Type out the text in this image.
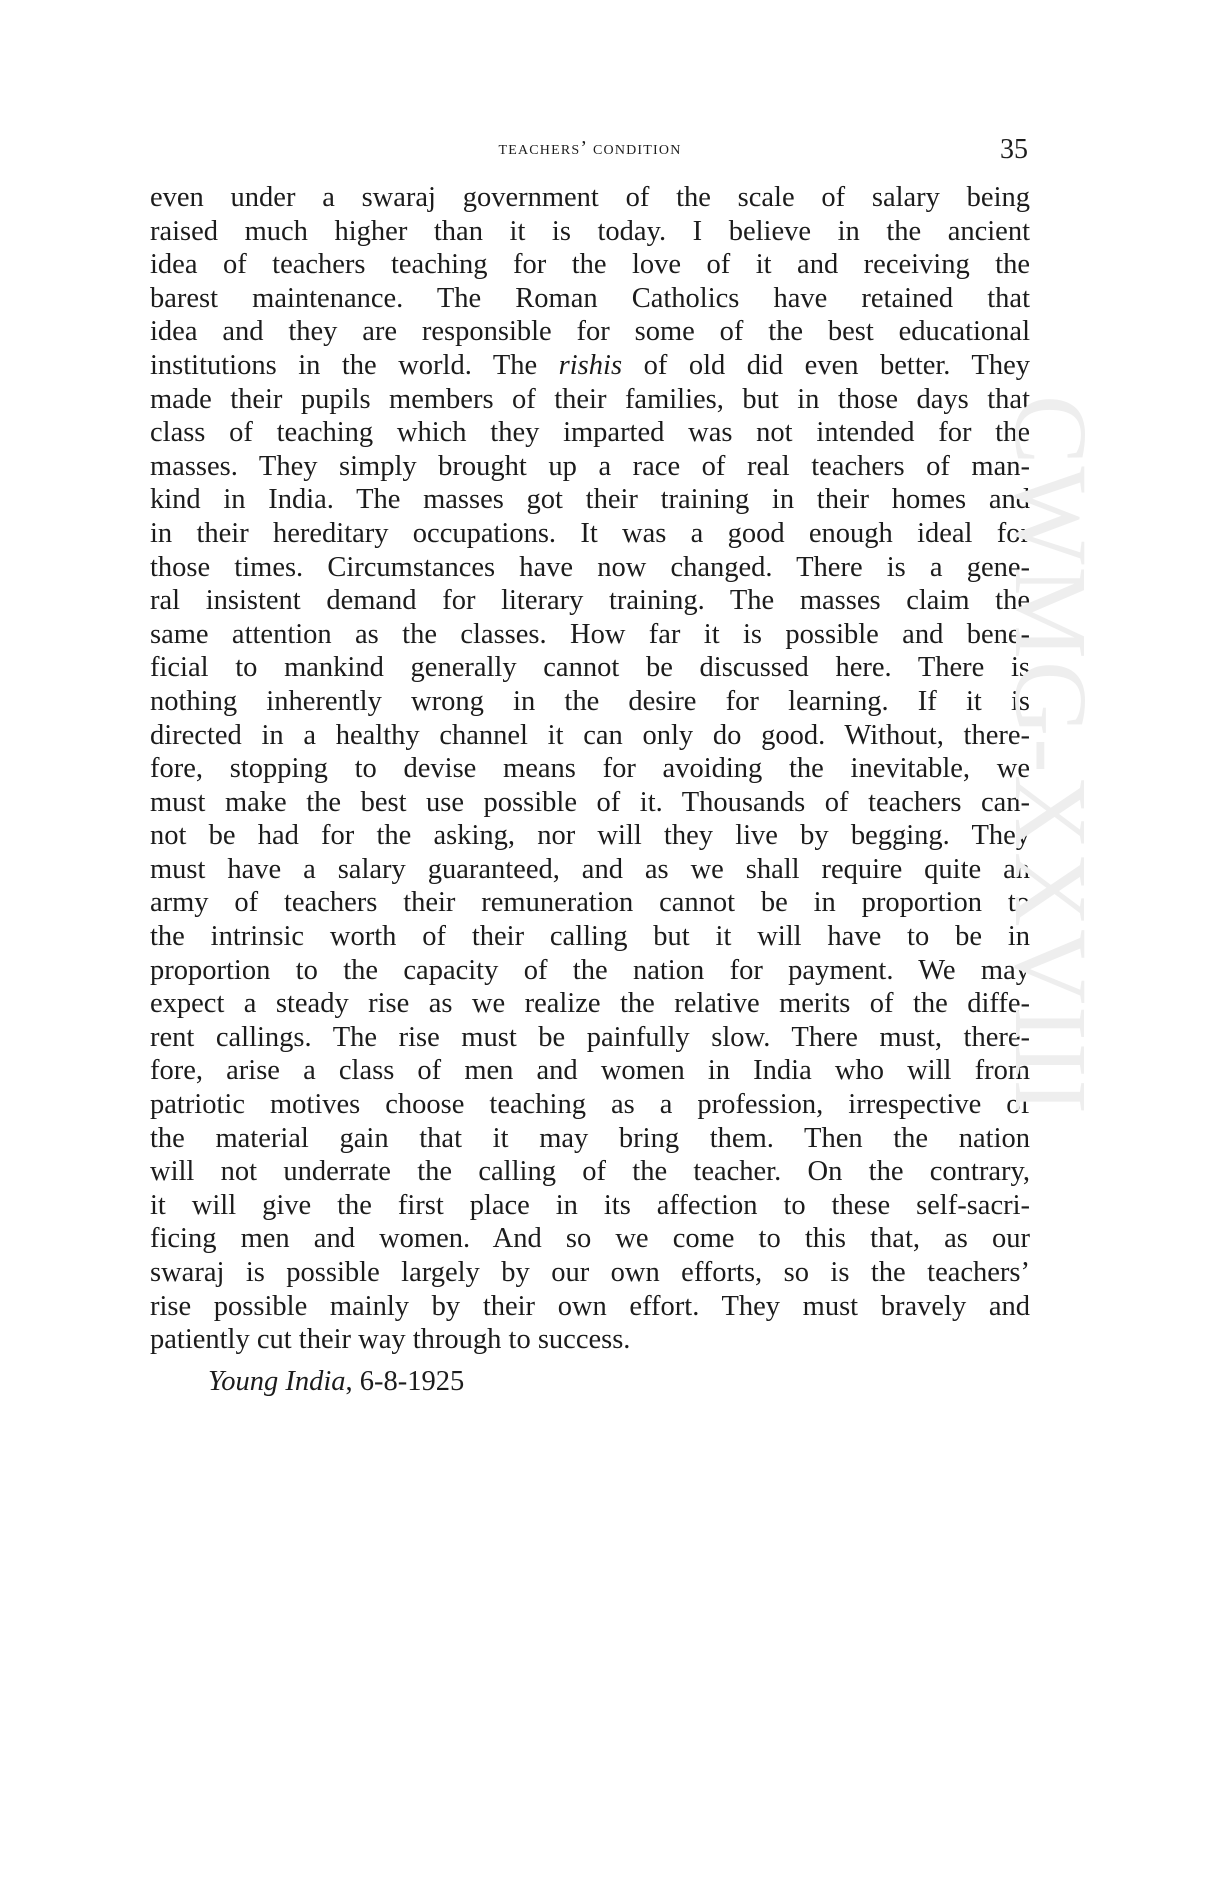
teachers’ condition	35
even under a swaraj government of the scale of salary being
raised much higher than it is today. I believe in the ancient
idea of teachers teaching for the love of it and receiving the
barest maintenance. The Roman Catholics have retained that
idea and they are responsible for some of the best educational
institutions in the world. The rishis of old did even better. They
made their pupils members of their families, but in those days that
class of teaching which they imparted was not intended for the
masses. They simply brought up a race of real teachers of man-
kind in India. The masses got their training in their homes and
in their hereditary occupations. It was a good enough ideal for
those times. Circumstances have now changed. There is a gene-
ral insistent demand for literary training. The masses claim the
same attention as the classes. How far it is possible and bene-
ficial to mankind generally cannot be discussed here. There is
nothing inherently wrong in the desire for learning. If it is
directed in a healthy channel it can only do good. Without, there-
fore, stopping to devise means for avoiding the inevitable, we
must make the best use possible of it. Thousands of teachers can-
not be had for the asking, nor will they live by begging. They
must have a salary guaranteed, and as we shall require quite an
army of teachers their remuneration cannot be in proportion to
the intrinsic worth of their calling but it will have to be in
proportion to the capacity of the nation for payment. We may
expect a steady rise as we realize the relative merits of the diffe-
rent callings. The rise must be painfully slow. There must, there-
fore, arise a class of men and women in India who will from
patriotic motives choose teaching as a profession, irrespective of
the material gain that it may bring them. Then the nation
will not underrate the calling of the teacher. On the contrary,
it will give the first place in its affection to these self-sacri-
ficing men and women. And so we come to this that, as our
swaraj is possible largely by our own efforts, so is the teachers’
rise possible mainly by their own effort. They must bravely and
patiently cut their way through to success.
Young India, 6-8-1925
CWMG-XXVIII
